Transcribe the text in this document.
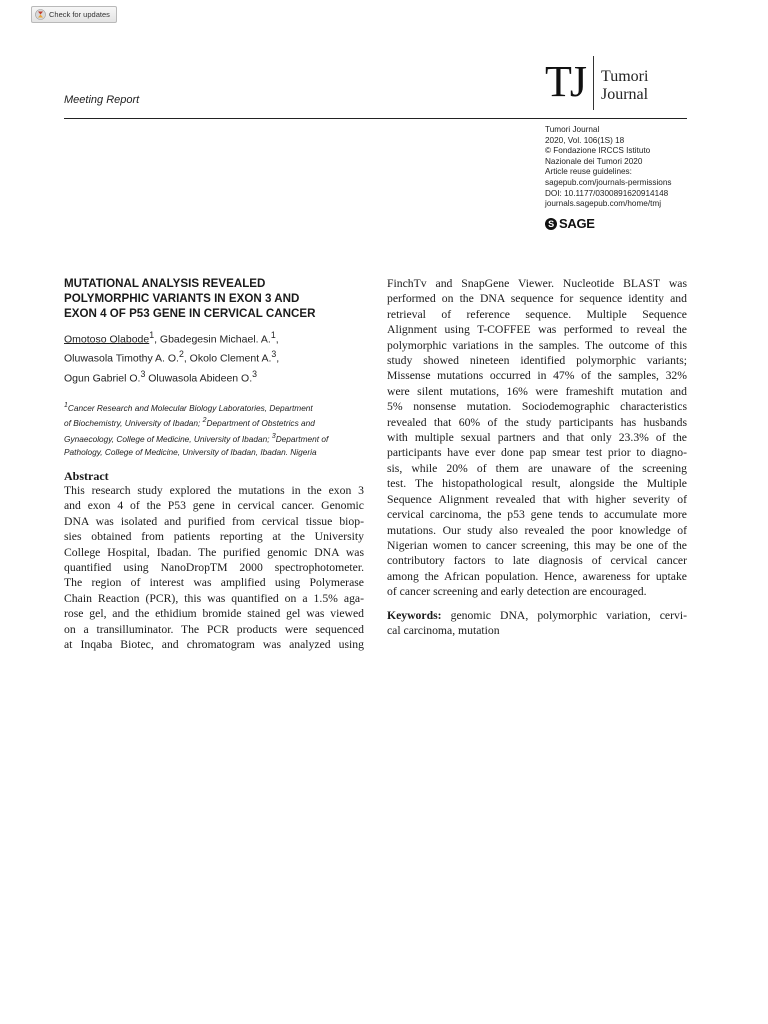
Check for updates
Meeting Report	TJ Tumori
Journal
Tumori Journal
2020, Vol. 106(1S) 18
© Fondazione IRCCS Istituto
Nazionale dei Tumori 2020
Article reuse guidelines:
sagepub.com/journals-permissions
DOI: 10.1177/0300891620914148
journals.sagepub.com/home/tmj
S SAGE
MUTATIONAL ANALYSIS REVEALED
POLYMORPHIC VARIANTS IN EXON 3 AND
EXON 4 OF P53 GENE IN CERVICAL CANCER
Omotoso Olabode$^1$, Gbadegesin Michael. A.$^1$,
Oluwasola Timothy A. O.$^2$, Okolo Clement A.$^3$,
Ogun Gabriel O.$^3$ Oluwasola Abideen O.$^3$
$^1$Cancer Research and Molecular Biology Laboratories, Department
of Biochemistry, University of Ibadan; $^2$Department of Obstetrics and
Gynaecology, College of Medicine, University of Ibadan; $^3$Department of
Pathology, College of Medicine, University of Ibadan, Ibadan. Nigeria
Abstract
This research study explored the mutations in the exon 3
and exon 4 of the P53 gene in cervical cancer. Genomic
DNA was isolated and purified from cervical tissue biop-
sies obtained from patients reporting at the University
College Hospital, Ibadan. The purified genomic DNA was
quantified using NanoDropTM 2000 spectrophotometer.
The region of interest was amplified using Polymerase
Chain Reaction (PCR), this was quantified on a 1.5% aga-
rose gel, and the ethidium bromide stained gel was viewed
on a transilluminator. The PCR products were sequenced
at Inqaba Biotec, and chromatogram was analyzed using
FinchTv and SnapGene Viewer. Nucleotide BLAST was
performed on the DNA sequence for sequence identity and
retrieval of reference sequence. Multiple Sequence
Alignment using T-COFFEE was performed to reveal the
polymorphic variations in the samples. The outcome of this
study showed nineteen identified polymorphic variants;
Missense mutations occurred in 47% of the samples, 32%
were silent mutations, 16% were frameshift mutation and
5% nonsense mutation. Sociodemographic characteristics
revealed that 60% of the study participants has husbands
with multiple sexual partners and that only 23.3% of the
participants have ever done pap smear test prior to diagno-
sis, while 20% of them are unaware of the screening
test. The histopathological result, alongside the Multiple
Sequence Alignment revealed that with higher severity of
cervical carcinoma, the p53 gene tends to accumulate more
mutations. Our study also revealed the poor knowledge of
Nigerian women to cancer screening, this may be one of the
contributory factors to late diagnosis of cervical cancer
among the African population. Hence, awareness for uptake
of cancer screening and early detection are encouraged.
Keywords: genomic DNA, polymorphic variation, cervi-
cal carcinoma, mutation
